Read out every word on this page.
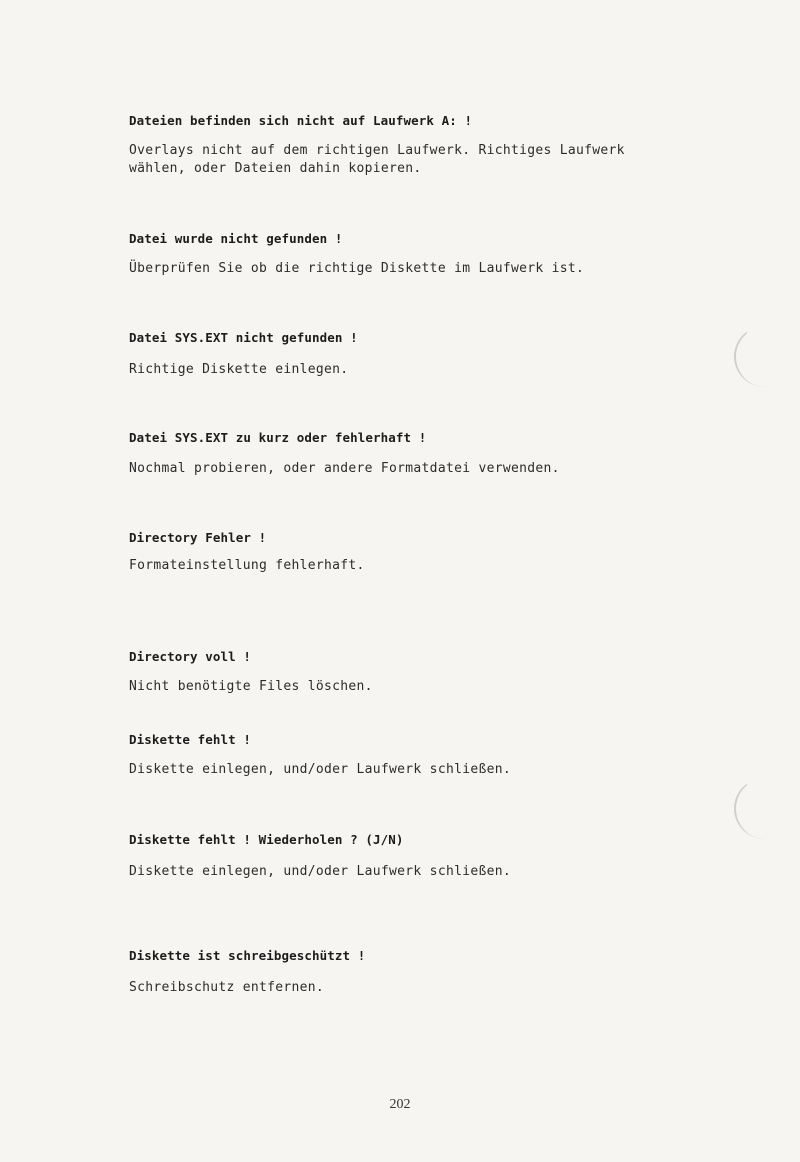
Dateien befinden sich nicht auf Laufwerk A: !
Overlays nicht auf dem richtigen Laufwerk. Richtiges Laufwerk
wählen, oder Dateien dahin kopieren.
Datei wurde nicht gefunden !
Überprüfen Sie ob die richtige Diskette im Laufwerk ist.
Datei SYS.EXT nicht gefunden !
Richtige Diskette einlegen.
Datei SYS.EXT zu kurz oder fehlerhaft !
Nochmal probieren, oder andere Formatdatei verwenden.
Directory Fehler !
Formateinstellung fehlerhaft.
Directory voll !
Nicht benötigte Files löschen.
Diskette fehlt !
Diskette einlegen, und/oder Laufwerk schließen.
Diskette fehlt ! Wiederholen ? (J/N)
Diskette einlegen, und/oder Laufwerk schließen.
Diskette ist schreibgeschützt !
Schreibschutz entfernen.
202
